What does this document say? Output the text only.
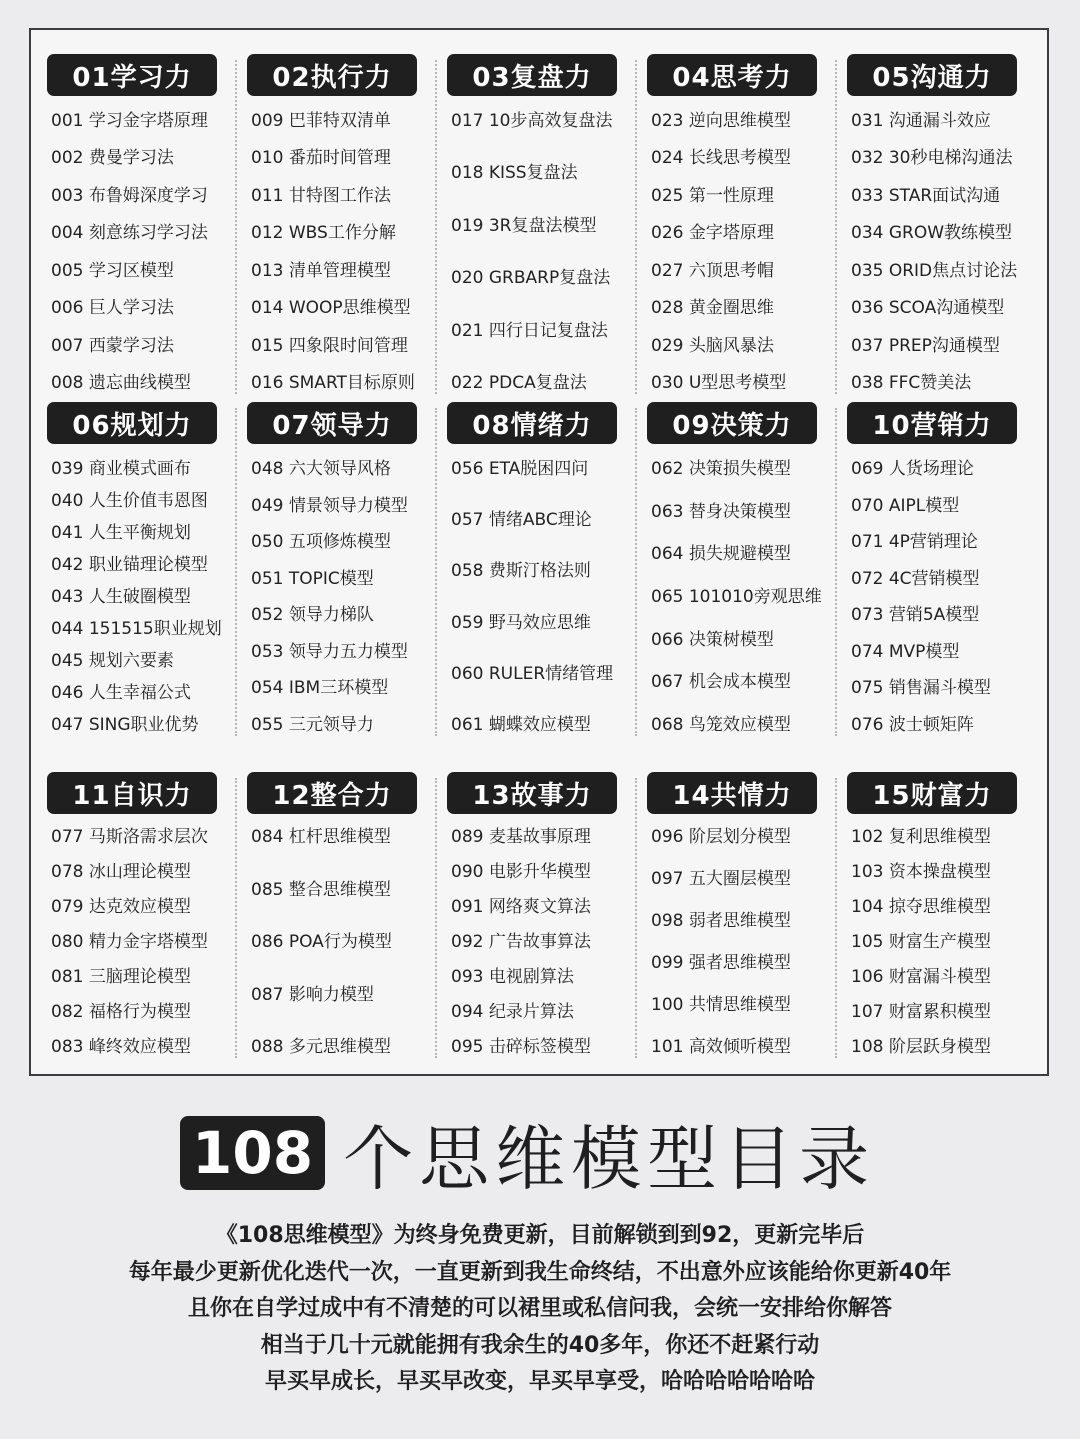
01学习力
001 学习金字塔原理
002 费曼学习法
003 布鲁姆深度学习
004 刻意练习学习法
005 学习区模型
006 巨人学习法
007 西蒙学习法
008 遗忘曲线模型
02执行力
009 巴菲特双清单
010 番茄时间管理
011 甘特图工作法
012 WBS工作分解
013 清单管理模型
014 WOOP思维模型
015 四象限时间管理
016 SMART目标原则
03复盘力
017 10步高效复盘法
018 KISS复盘法
019 3R复盘法模型
020 GRBARP复盘法
021 四行日记复盘法
022 PDCA复盘法
04思考力
023 逆向思维模型
024 长线思考模型
025 第一性原理
026 金字塔原理
027 六顶思考帽
028 黄金圈思维
029 头脑风暴法
030 U型思考模型
05沟通力
031 沟通漏斗效应
032 30秒电梯沟通法
033 STAR面试沟通
034 GROW教练模型
035 ORID焦点讨论法
036 SCOA沟通模型
037 PREP沟通模型
038 FFC赞美法
06规划力
039 商业模式画布
040 人生价值韦恩图
041 人生平衡规划
042 职业锚理论模型
043 人生破圈模型
044 151515职业规划
045 规划六要素
046 人生幸福公式
047 SING职业优势
07领导力
048 六大领导风格
049 情景领导力模型
050 五项修炼模型
051 TOPIC模型
052 领导力梯队
053 领导力五力模型
054 IBM三环模型
055 三元领导力
08情绪力
056 ETA脱困四问
057 情绪ABC理论
058 费斯汀格法则
059 野马效应思维
060 RULER情绪管理
061 蝴蝶效应模型
09决策力
062 决策损失模型
063 替身决策模型
064 损失规避模型
065 101010旁观思维
066 决策树模型
067 机会成本模型
068 鸟笼效应模型
10营销力
069 人货场理论
070 AIPL模型
071 4P营销理论
072 4C营销模型
073 营销5A模型
074 MVP模型
075 销售漏斗模型
076 波士顿矩阵
11自识力
077 马斯洛需求层次
078 冰山理论模型
079 达克效应模型
080 精力金字塔模型
081 三脑理论模型
082 福格行为模型
083 峰终效应模型
12整合力
084 杠杆思维模型
085 整合思维模型
086 POA行为模型
087 影响力模型
088 多元思维模型
13故事力
089 麦基故事原理
090 电影升华模型
091 网络爽文算法
092 广告故事算法
093 电视剧算法
094 纪录片算法
095 击碎标签模型
14共情力
096 阶层划分模型
097 五大圈层模型
098 弱者思维模型
099 强者思维模型
100 共情思维模型
101 高效倾听模型
15财富力
102 复利思维模型
103 资本操盘模型
104 掠夺思维模型
105 财富生产模型
106 财富漏斗模型
107 财富累积模型
108 阶层跃身模型
108 个思维模型目录
《108思维模型》为终身免费更新，目前解锁到到92，更新完毕后
每年最少更新优化迭代一次，一直更新到我生命终结，不出意外应该能给你更新40年
且你在自学过成中有不清楚的可以裙里或私信问我，会统一安排给你解答
相当于几十元就能拥有我余生的40多年，你还不赶紧行动
早买早成长，早买早改变，早买早享受，哈哈哈哈哈哈哈
